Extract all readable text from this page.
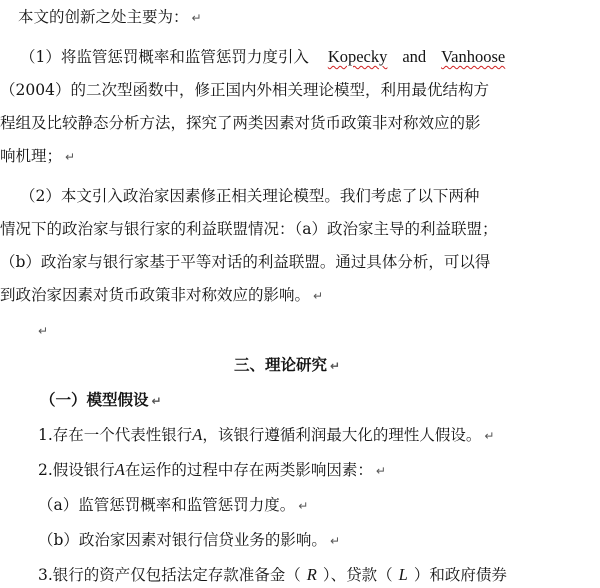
本文的创新之处主要为： ↵
（1）将监管惩罚概率和监管惩罚力度引入 Kopecky and Vanhoose
（2004）的二次型函数中，修正国内外相关理论模型，利用最优结构方
程组及比较静态分析方法，探究了两类因素对货币政策非对称效应的影
响机理； ↵
（2）本文引入政治家因素修正相关理论模型。我们考虑了以下两种
情况下的政治家与银行家的利益联盟情况：（a）政治家主导的利益联盟；
（b）政治家与银行家基于平等对话的利益联盟。通过具体分析，可以得
到政治家因素对货币政策非对称效应的影响。 ↵
↵
三、理论研究 ↵
（一）模型假设 ↵
1.存在一个代表性银行A，该银行遵循利润最大化的理性人假设。 ↵
2.假设银行A在运作的过程中存在两类影响因素： ↵
（a）监管惩罚概率和监管惩罚力度。 ↵
（b）政治家因素对银行信贷业务的影响。 ↵
3.银行的资产仅包括法定存款准备金（ R ）、贷款（ L ）和政府债券
